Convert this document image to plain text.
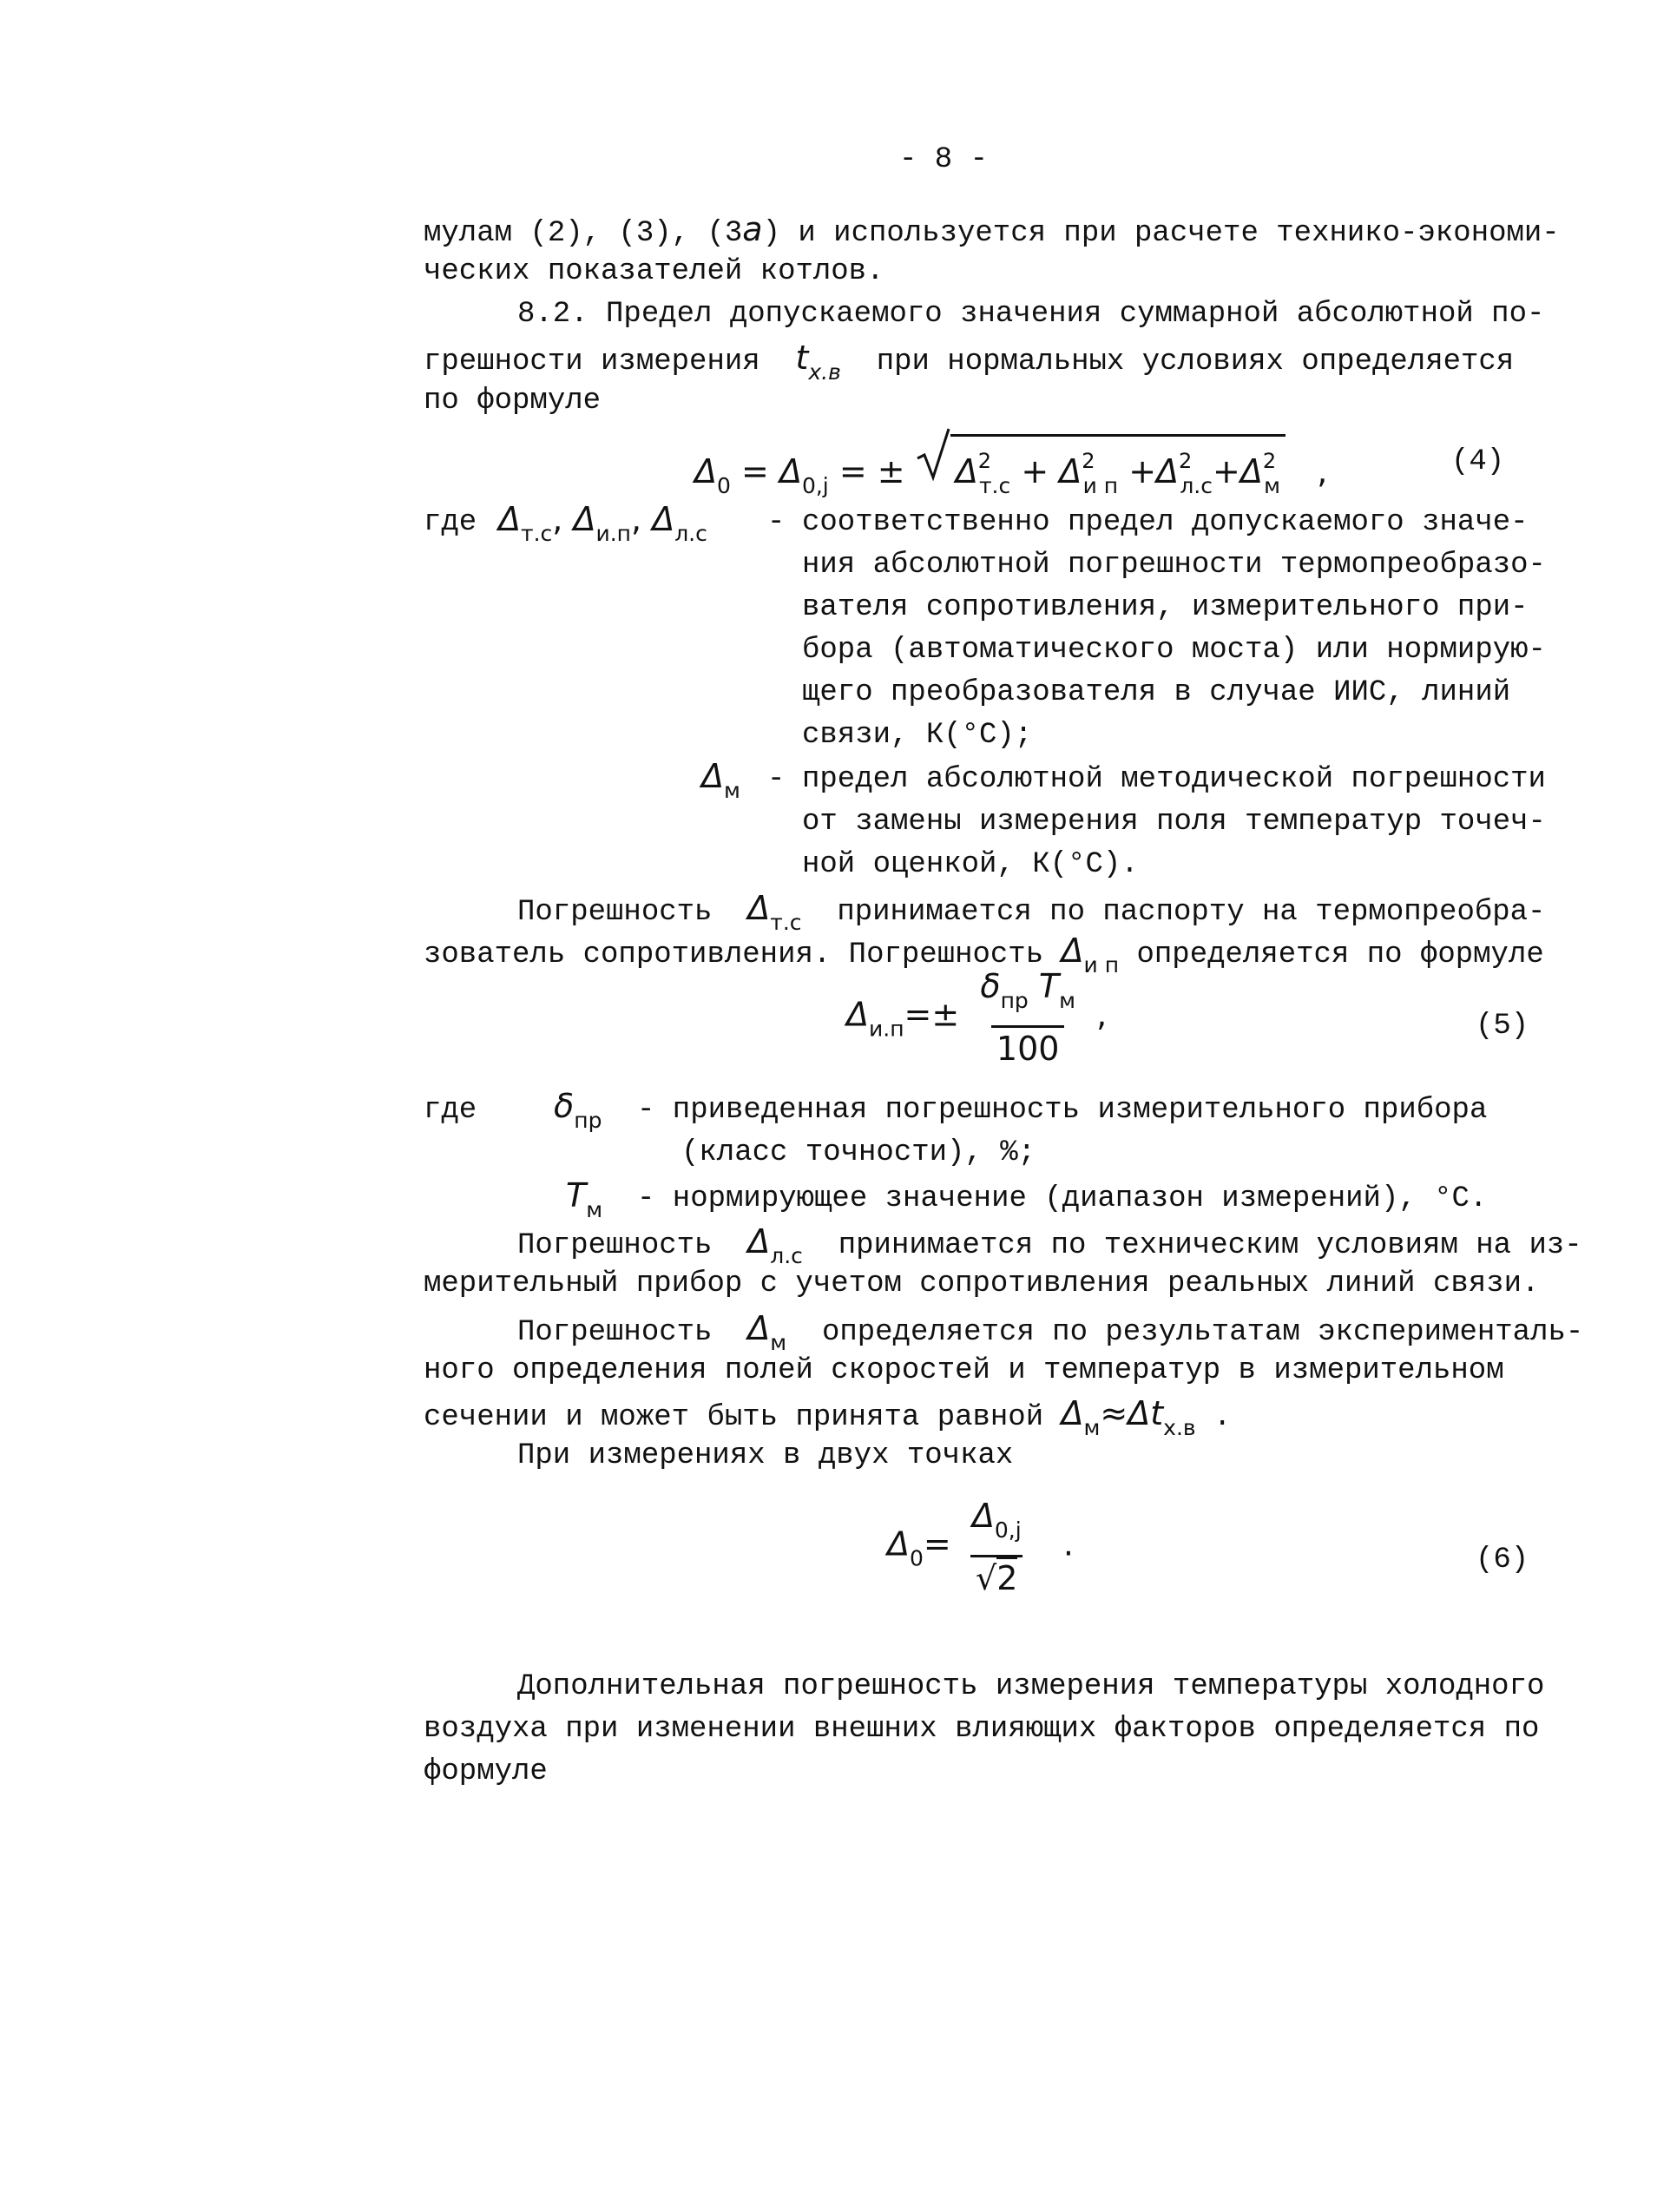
- 8 -
мулам (2), (3), (3а) и используется при расчете технико-экономи-
ческих показателей котлов.
8.2. Предел допускаемого значения суммарной абсолютной по-
грешности измерения $t_{х.в}$ при нормальных условиях определяется
по формуле
$\Delta_0 = \Delta_{0,j}$ = ± $\Delta^2_{т.с} + \Delta^2_{и п} +\Delta^2_{л.с}+\Delta^2_м$ ,	(4)
где $\Delta_{т.с}$, $\Delta_{и.п}$, $\Delta_{л.с}$ - соответственно предел допускаемого значе-
ния абсолютной погрешности термопреобразо-
вателя сопротивления, измерительного при-
бора (автоматического моста) или нормирую-
щего преобразователя в случае ИИС, линий
связи, К(°С);
$\Delta_м$ - предел абсолютной методической погрешности
от замены измерения поля температур точеч-
ной оценкой, К(°С).
Погрешность $\Delta_{т.с}$ принимается по паспорту на термопреобра-
зователь сопротивления. Погрешность $\Delta_{и п}$ определяется по формуле
$\Delta_{и.п}=\pm \frac{\delta_{пр} T_м}{100}$ ,	(5)
где $\delta_{пр}$ - приведенная погрешность измерительного прибора
(класс точности), %;
$T_м$ - нормирующее значение (диапазон измерений), °С.
Погрешность $\Delta_{л.с}$ принимается по техническим условиям на из-
мерительный прибор с учетом сопротивления реальных линий связи.
Погрешность $\Delta_м$ определяется по результатам эксперименталь-
ного определения полей скоростей и температур в измерительном
сечении и может быть принята равной $\Delta_м\approx\Delta t_{х.в}$ .
При измерениях в двух точках
$\Delta_0= \frac{\Delta_{0,j}}{√2}$ .	(6)
Дополнительная погрешность измерения температуры холодного
воздуха при изменении внешних влияющих факторов определяется по
формуле
